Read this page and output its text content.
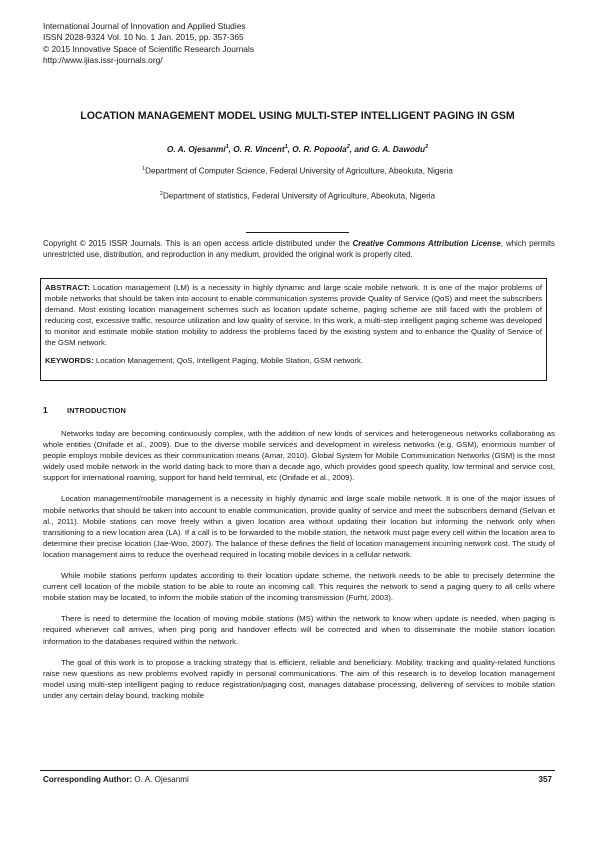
International Journal of Innovation and Applied Studies
ISSN 2028-9324 Vol. 10 No. 1 Jan. 2015, pp. 357-365
© 2015 Innovative Space of Scientific Research Journals
http://www.ijias.issr-journals.org/
LOCATION MANAGEMENT MODEL USING MULTI-STEP INTELLIGENT PAGING IN GSM
O. A. Ojesanmi$^1$, O. R. Vincent$^1$, O. R. Popoola$^2$, and G. A. Dawodu$^2$
$^1$Department of Computer Science, Federal University of Agriculture, Abeokuta, Nigeria
$^2$Department of statistics, Federal University of Agriculture, Abeokuta, Nigeria
Copyright © 2015 ISSR Journals. This is an open access article distributed under the Creative Commons Attribution License, which permits unrestricted use, distribution, and reproduction in any medium, provided the original work is properly cited.
ABSTRACT: Location management (LM) is a necessity in highly dynamic and large scale mobile network. It is one of the major problems of mobile networks that should be taken into account to enable communication systems provide Quality of Service (QoS) and meet the subscribers demand. Most existing location management schemes such as location update scheme, paging scheme are still faced with the problem of reducing cost, excessive traffic, resource utilization and low quality of service. In this work, a multi-step intelligent paging scheme was developed to monitor and estimate mobile station mobility to address the problems faced by the existing system and to enhance the Quality of Service of the GSM network.
KEYWORDS: Location Management, QoS, Intelligent Paging, Mobile Station, GSM network.
1	INTRODUCTION

Networks today are becoming continuously complex, with the addition of new kinds of services and heterogeneous networks collaborating as whole entities (Onifade et al., 2009). Due to the diverse mobile services and development in wireless networks (e.g. GSM), enormous number of people employs mobile devices as their communication means (Amar, 2010). Global System for Mobile Communication Networks (GSM) is the most widely used mobile network in the world dating back to more than a decade ago, which provides good speech quality, low terminal and service cost, support for international roaming, support for hand held terminal, etc (Onifade et al., 2009).

Location management/mobile management is a necessity in highly dynamic and large scale mobile network. It is one of the major issues of mobile networks that should be taken into account to enable communication, provide quality of service and meet the subscribers demand (Selvan et al., 2011). Mobile stations can move freely within a given location area without updating their location but informing the network only when transitioning to a new location area (LA). If a call is to be forwarded to the mobile station, the network must page every cell within the location area to determine their precise location (Jae-Woo, 2007). The balance of these defines the field of location management incurring network cost. The study of location management aims to reduce the overhead required in locating mobile devices in a cellular network.

While mobile stations perform updates according to their location update scheme, the network needs to be able to precisely determine the current cell location of the mobile station to be able to route an incoming call. This requires the network to send a paging query to all cells where mobile station may be located, to inform the mobile station of the incoming transmission (Furht, 2003).

There is need to determine the location of moving mobile stations (MS) within the network to know when update is needed, when paging is required whenever call arrives, when ping pong and handover effects will be corrected and when to disseminate the mobile station location information to the databases required within the network.

The goal of this work is to propose a tracking strategy that is efficient, reliable and beneficiary. Mobility, tracking and quality-related functions raise new questions as new problems evolved rapidly in personal communications. The aim of this research is to develop location management model using multi-step intelligent paging to reduce registration/paging cost, manages database processing, delivering of services to mobile station under any certain delay bound, tracking mobile

Corresponding Author: O. A. Ojesanmi	357
